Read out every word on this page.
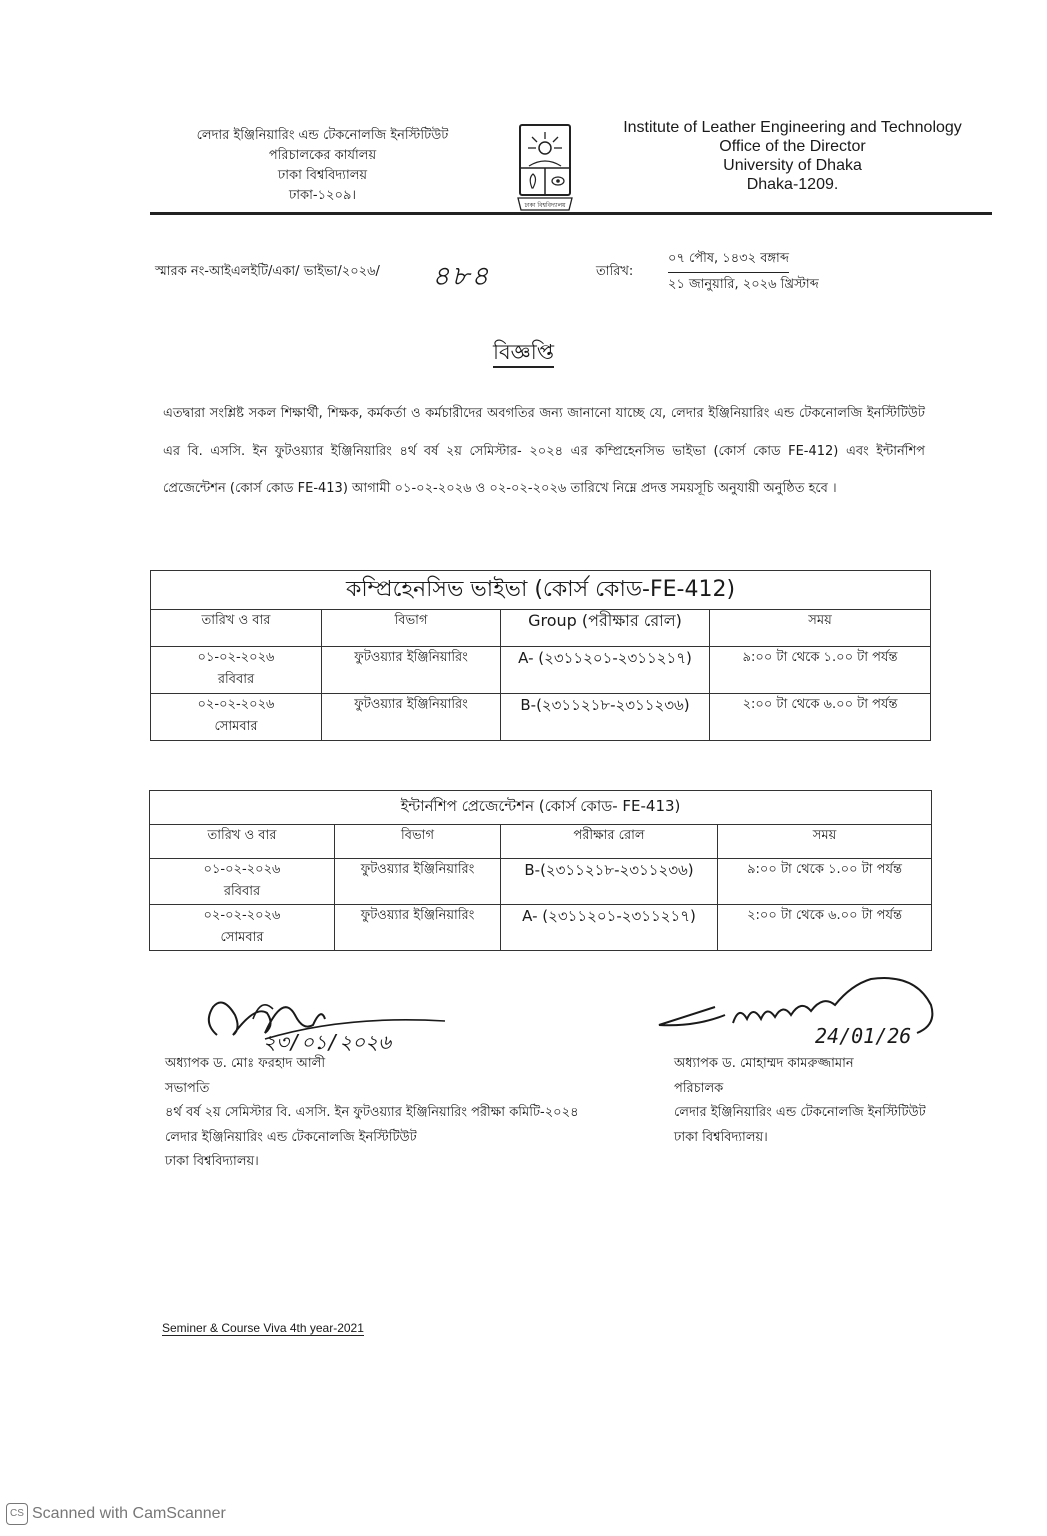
লেদার ইঞ্জিনিয়ারিং এন্ড টেকনোলজি ইনস্টিটিউট
পরিচালকের কার্যালয়
ঢাকা বিশ্ববিদ্যালয়
ঢাকা-১২০৯।
ঢাকা বিশ্ববিদ্যালয়
Institute of Leather Engineering and Technology
Office of the Director
University of Dhaka
Dhaka-1209.
স্মারক নং-আইএলইটি/একা/ ভাইভা/২০২৬/ ৪৮৪	তারিখ:
০৭ পৌষ, ১৪৩২ বঙ্গাব্দ
২১ জানুয়ারি, ২০২৬ খ্রিস্টাব্দ
বিজ্ঞপ্তি
এতদ্বারা সংশ্লিষ্ট সকল শিক্ষার্থী, শিক্ষক, কর্মকর্তা ও কর্মচারীদের অবগতির জন্য জানানো যাচ্ছে যে, লেদার ইঞ্জিনিয়ারিং এন্ড টেকনোলজি ইনস্টিটিউট এর বি. এসসি. ইন ফুটওয়্যার ইঞ্জিনিয়ারিং ৪র্থ বর্ষ ২য় সেমিস্টার- ২০২৪ এর কম্প্রিহেনসিভ ভাইভা (কোর্স কোড FE-412) এবং ইন্টার্নশিপ প্রেজেন্টেশন (কোর্স কোড FE-413) আগামী ০১-০২-২০২৬ ও ০২-০২-২০২৬ তারিখে নিম্নে প্রদত্ত সময়সূচি অনুযায়ী অনুষ্ঠিত হবে ।
কম্প্রিহেনসিভ ভাইভা (কোর্স কোড-FE-412)			
তারিখ ও বার	বিভাগ	Group (পরীক্ষার রোল)	সময়

০১-০২-২০২৬
রবিবার	ফুটওয়্যার ইঞ্জিনিয়ারিং	A- (২৩১১২০১-২৩১১২১৭)	৯:০০ টা থেকে ১.০০ টা পর্যন্ত

০২-০২-২০২৬
সোমবার	ফুটওয়্যার ইঞ্জিনিয়ারিং	B-(২৩১১২১৮-২৩১১২৩৬)	২:০০ টা থেকে ৬.০০ টা পর্যন্ত
ইন্টার্নশিপ প্রেজেন্টেশন (কোর্স কোড- FE-413)			
তারিখ ও বার	বিভাগ	পরীক্ষার রোল	সময়

০১-০২-২০২৬
রবিবার	ফুটওয়্যার ইঞ্জিনিয়ারিং	B-(২৩১১২১৮-২৩১১২৩৬)	৯:০০ টা থেকে ১.০০ টা পর্যন্ত

০২-০২-২০২৬
সোমবার	ফুটওয়্যার ইঞ্জিনিয়ারিং	A- (২৩১১২০১-২৩১১২১৭)	২:০০ টা থেকে ৬.০০ টা পর্যন্ত
২৩/০১/২০২৬
অধ্যাপক ড. মোঃ ফরহাদ আলী
সভাপতি
৪র্থ বর্ষ ২য় সেমিস্টার বি. এসসি. ইন ফুটওয়্যার ইঞ্জিনিয়ারিং পরীক্ষা কমিটি-২০২৪
লেদার ইঞ্জিনিয়ারিং এন্ড টেকনোলজি ইনস্টিটিউট
ঢাকা বিশ্ববিদ্যালয়।
24/01/26
অধ্যাপক ড. মোহাম্মদ কামরুজ্জামান
পরিচালক
লেদার ইঞ্জিনিয়ারিং এন্ড টেকনোলজি ইনস্টিটিউট
ঢাকা বিশ্ববিদ্যালয়।
Seminer & Course Viva 4th year-2021
CS Scanned with CamScanner
